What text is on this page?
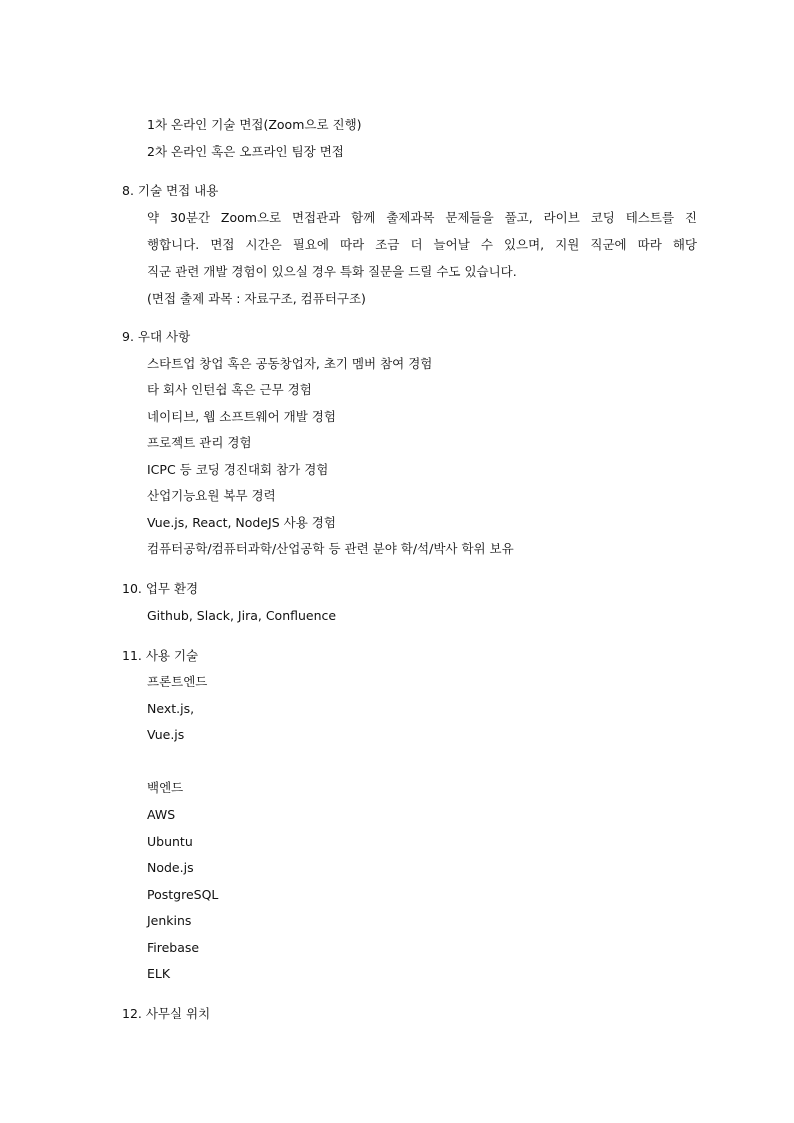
1차 온라인 기술 면접(Zoom으로 진행)
2차 온라인 혹은 오프라인 팀장 면접
8. 기술 면접 내용
약 30분간 Zoom으로 면접관과 함께 출제과목 문제들을 풀고, 라이브 코딩 테스트를 진
행합니다. 면접 시간은 필요에 따라 조금 더 늘어날 수 있으며, 지원 직군에 따라 해당
직군 관련 개발 경험이 있으실 경우 특화 질문을 드릴 수도 있습니다.
(면접 출제 과목 : 자료구조, 컴퓨터구조)
9. 우대 사항
스타트업 창업 혹은 공동창업자, 초기 멤버 참여 경험
타 회사 인턴쉽 혹은 근무 경험
네이티브, 웹 소프트웨어 개발 경험
프로젝트 관리 경험
ICPC 등 코딩 경진대회 참가 경험
산업기능요원 복무 경력
Vue.js, React, NodeJS 사용 경험
컴퓨터공학/컴퓨터과학/산업공학 등 관련 분야 학/석/박사 학위 보유
10. 업무 환경
Github, Slack, Jira, Confluence
11. 사용 기술
프론트엔드
Next.js,
Vue.js
백엔드
AWS
Ubuntu
Node.js
PostgreSQL
Jenkins
Firebase
ELK
12. 사무실 위치
